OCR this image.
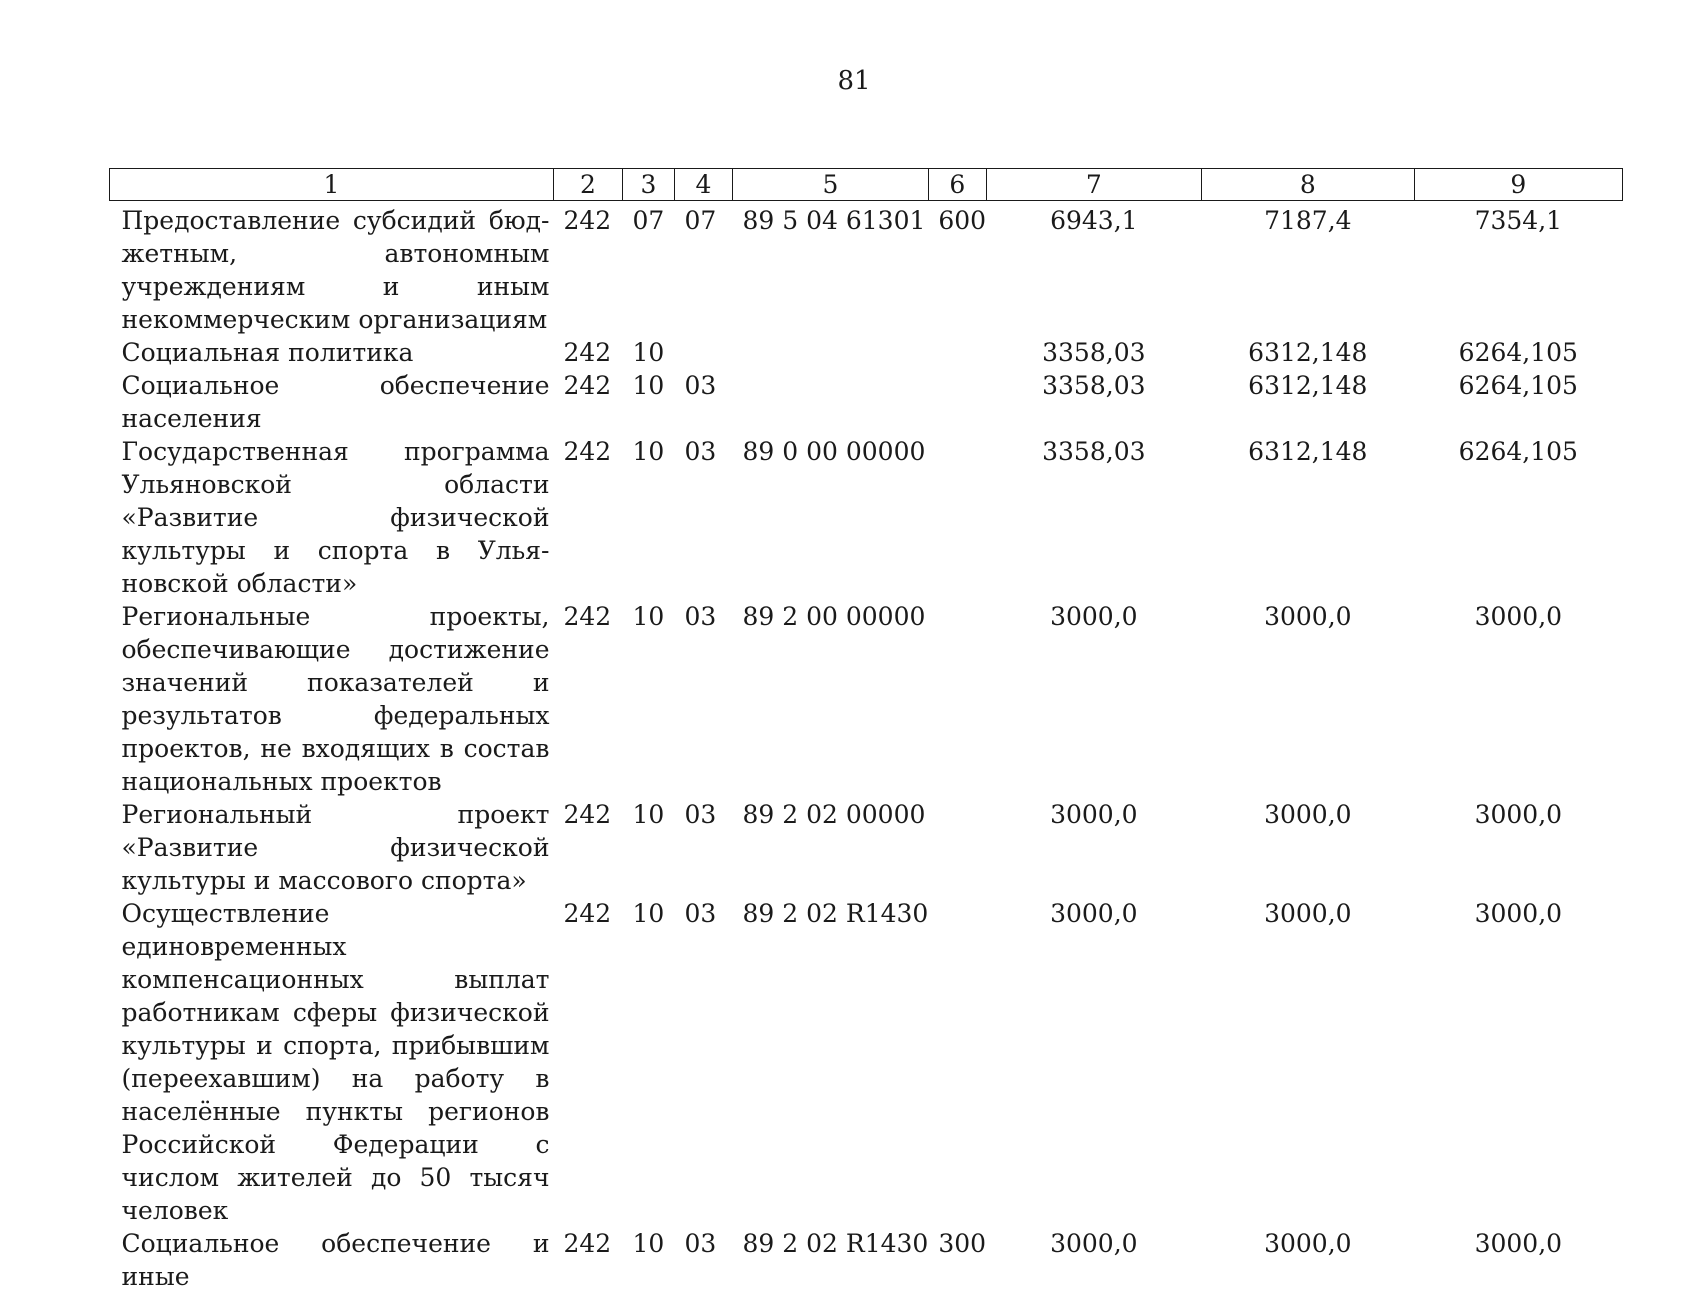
81
1	2	3	4	5	6	7	8	9
Предоставление субсидий бюджетным, автономным учреждениям и иным некоммерческим организациям	242	07	07	89 5 04 61301	600	6943,1	7187,4	7354,1
Социальная политика	242	10				3358,03	6312,148	6264,105
Социальное обеспечение населения	242	10	03			3358,03	6312,148	6264,105
Государственная программа Ульяновской области «Развитие физической культуры и спорта в Ульяновской области»	242	10	03	89 0 00 00000		3358,03	6312,148	6264,105
Региональные проекты, обеспечивающие достижение значений показателей и результатов федеральных проектов, не входящих в состав национальных проектов	242	10	03	89 2 00 00000		3000,0	3000,0	3000,0
Региональный проект «Развитие физической культуры и массового спорта»	242	10	03	89 2 02 00000		3000,0	3000,0	3000,0
Осуществление единовременных компенсационных выплат работникам сферы физической культуры и спорта, прибывшим (переехавшим) на работу в населённые пункты регионов Российской Федерации с числом жителей до 50 тысяч человек	242	10	03	89 2 02 R1430		3000,0	3000,0	3000,0
Социальное обеспечение и иные	242	10	03	89 2 02 R1430	300	3000,0	3000,0	3000,0
